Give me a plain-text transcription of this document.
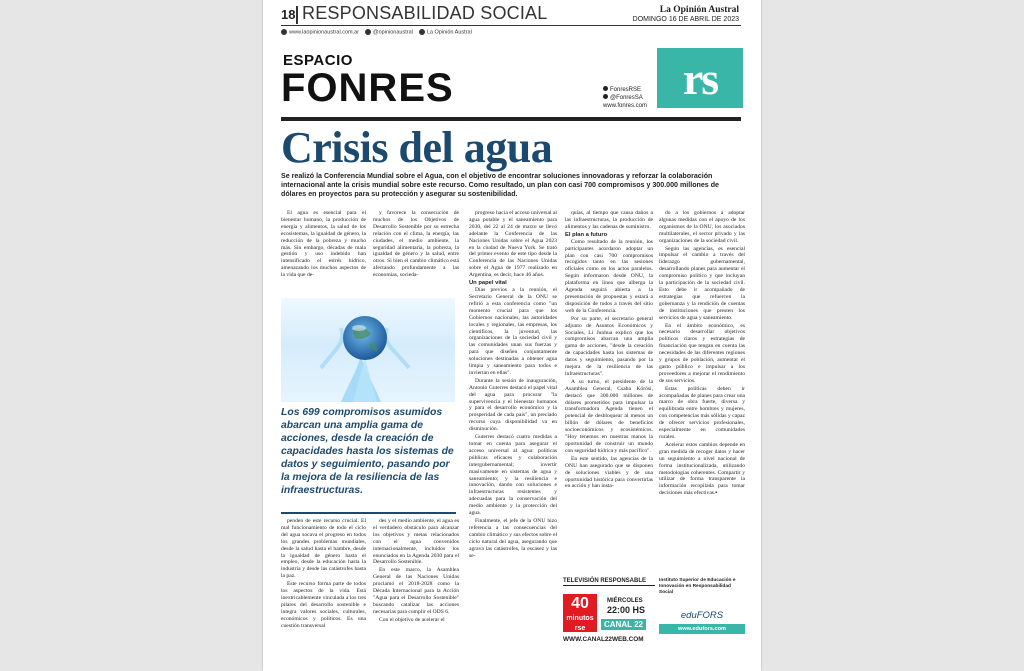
18 RESPONSABILIDAD SOCIAL	La Opinión Austral
DOMINGO 16 DE ABRIL DE 2023
www.laopinionaustral.com.ar	@opinionaustral	La Opinión Austral
ESPACIO
FONRES	FonresRSE
@FonresSA
www.fonres.com
rs
Crisis del agua
Se realizó la Conferencia Mundial sobre el Agua, con el objetivo de encontrar soluciones innovadoras y reforzar la colaboración internacional ante la crisis mundial sobre este recurso. Como resultado, un plan con casi 700 compromisos y 300.000 millones de dólares en proyectos para su protección y asegurar su sostenibilidad.

El agua es esencial para el bienestar humano, la producción de energía y alimentos, la salud de los ecosistemas, la igualdad de género, la reducción de la pobreza y mucho más. Sin embargo, décadas de mala gestión y uso indebido han intensificado el estrés hídrico, amenazando los muchos aspectos de la vida que de-

y favorece la consecución de muchos de los Objetivos de Desarrollo Sostenible por su estrecha relación con el clima, la energía, las ciudades, el medio ambiente, la seguridad alimentaria, la pobreza, la igualdad de género y la salud, entre otros. Si bien el cambio climático está afectando profundamente a las economías, socieda-

Los 699 compromisos asumidos abarcan una amplia gama de acciones, desde la creación de capacidades hasta los sistemas de datos y seguimiento, pasando por la mejora de la resiliencia de las infraestructuras.

penden de este recurso crucial. El mal funcionamiento de todo el ciclo del agua socava el progreso en todos los grandes problemas mundiales, desde la salud hasta el hambre, desde la igualdad de género hasta el empleo, desde la educación hasta la industria y desde las catástrofes hasta la paz.

Este recurso forma parte de todos los aspectos de la vida. Está inextricablemente vinculada a los tres pilares del desarrollo sostenible e integra valores sociales, culturales, económicos y políticos. Es una cuestión transversal

des y el medio ambiente, el agua es el verdadero obstáculo para alcanzar los objetivos y metas relacionados con el agua convenidos internacionalmente, incluidos los enunciados en la Agenda 2030 para el Desarrollo Sostenible.

En este marco, la Asamblea General de las Naciones Unidas proclamó el 2018-2028 como la Década Internacional para la Acción "Agua para el Desarrollo Sostenible" buscando catalizar las acciones necesarias para cumplir el ODS 6.

Con el objetivo de acelerar el

progreso hacia el acceso universal al agua potable y el saneamiento para 2030, del 22 al 24 de marzo se llevó adelante la Conferencia de las Naciones Unidas sobre el Agua 2023 en la ciudad de Nueva York. Se trató del primer evento de este tipo desde la Conferencia de las Naciones Unidas sobre el Agua de 1977 realizado en Argentina, es decir, hace 46 años.

Un papel vital

Días previos a la reunión, el Secretario General de la ONU se refirió a esta conferencia como "un momento crucial para que los Gobiernos nacionales, las autoridades locales y regionales, las empresas, los científicos, la juventud, las organizaciones de la sociedad civil y las comunidades unan sus fuerzas y para que diseñen conjuntamente soluciones destinadas a obtener agua limpia y saneamiento para todos e inviertan en ellas".

Durante la sesión de inauguración, Antonio Guterres destacó el papel vital del agua para procurar "la supervivencia y el bienestar humanos y para el desarrollo económico y la prosperidad de cada país", un preciado recurso cuya disponibilidad va en disminución.

Guterres destacó cuatro medidas a tomar en cuenta para asegurar el acceso universal al agua: políticas públicas eficaces y colaboración intergubernamental; invertir masivamente en sistemas de agua y saneamiento; y la resiliencia e innovación, dando con soluciones e infraestructuras resistentes y adecuadas para la conservación del medio ambiente y la protección del agua.

Finalmente, el jefe de la ONU hizo referencia a las consecuencias del cambio climático y sus efectos sobre el ciclo natural del agua, asegurando que agrava las catástrofes, la escasez y las se-

quías, al tiempo que causa daños a las infraestructuras, la producción de alimentos y las cadenas de suministro.

El plan a futuro

Como resultado de la reunión, los participantes acordaron adoptar un plan con casi 700 compromisos recogidos tanto en las sesiones oficiales como en los actos paralelos. Según informaron desde ONU, la plataforma en línea que alberga la Agenda seguirá abierta a la presentación de propuestas y estará a disposición de todos a través del sitio web de la Conferencia.

Por su parte, el secretario general adjunto de Asuntos Económicos y Sociales, Li Junhua explicó que los compromisos abarcan una amplia gama de acciones, "desde la creación de capacidades hasta los sistemas de datos y seguimiento, pasando por la mejora de la resiliencia de las infraestructuras".

A su turno, el presidente de la Asamblea General, Csaba Körösi, destacó que 300.000 millones de dólares prometidos para impulsar la transformadora Agenda tienen el potencial de desbloquear al menos un billón de dólares de beneficios socioeconómicos y ecosistémicos. "Hoy tenemos en nuestras manos la oportunidad de construir un mundo con seguridad hídrica y más pacífico".

En este sentido, las agencias de la ONU han asegurado que se disponen de soluciones viables y de una oportunidad histórica para convertirlas en acción y han insta-

do a los gobiernos a adoptar algunas medidas con el apoyo de los organismos de la ONU, los asociados multilaterales, el sector privado y las organizaciones de la sociedad civil.

Según las agencias, es esencial impulsar el cambio a través del liderazgo gubernamental, desarrollando planes para aumentar el compromiso político y que incluyan la participación de la sociedad civil. Esto debe ir acompañado de estrategias que refuercen la gobernanza y la rendición de cuentas de instituciones que presten los servicios de agua y saneamiento.

En el ámbito económico, es necesario desarrollar objetivos políticos claros y estrategias de financiación que tengan en cuenta las necesidades de las diferentes regiones y grupos de población, aumentar el gasto público e impulsar a los proveedores a mejorar el rendimiento de sus servicios.

Estas políticas deben ir acompañadas de planes para crear una marco de obra fuerte, diversa y equilibrada entre hombres y mujeres, con competencias más sólidas y capaz de ofrecer servicios profesionales, especialmente en comunidades rurales.

Acelerar estos cambios depende en gran medida de recoger datos y hacer un seguimiento a nivel nacional de forma institucionalizada, utilizando metodologías coherentes. Compartir y utilizar de forma transparente la información recopilada para tomar decisiones más efectivas.▪

TELEVISIÓN RESPONSABLE
40
minutos
rse
MIÉRCOLES
22:00 HS
CANAL 22
WWW.CANAL22WEB.COM
Instituto Superior de Educación e Innovación en Responsabilidad Social
eduFORS
www.edufors.com
